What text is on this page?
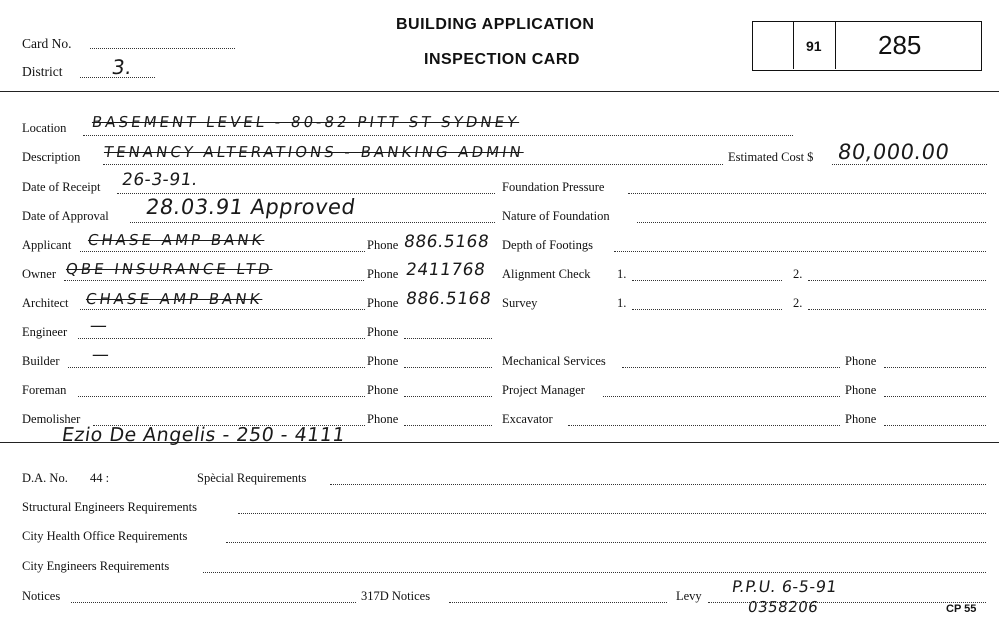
Card No.
District 3.
BUILDING APPLICATION
INSPECTION CARD
91 285
Location BASEMENT LEVEL - 80-82 PITT ST SYDNEY
Description TENANCY ALTERATIONS - BANKING ADMIN	Estimated Cost $ 80,000.00
Date of Receipt 26-3-91.
Date of Approval 28.03.91 Approved
Applicant CHASE AMP BANK	Phone 886.5168
Owner QBE INSURANCE LTD	Phone 2411768
Architect CHASE AMP BANK	Phone 886.5168
Engineer —	Phone
Builder —	Phone
Foreman	Phone
Demolisher	Phone
Foundation Pressure
Nature of Foundation
Depth of Footings
Alignment Check 1.	2.
Survey	1.	2.
Mechanical Services	Phone
Project Manager	Phone
Excavator	Phone
Ezio De Angelis - 250 - 4111
D.A. No. 44 :	Spècial Requirements
Structural Engineers Requirements
City Health Office Requirements
City Engineers Requirements
Notices	317D Notices	Levy P.P.U. 6-5-91
0358206	CP 55
